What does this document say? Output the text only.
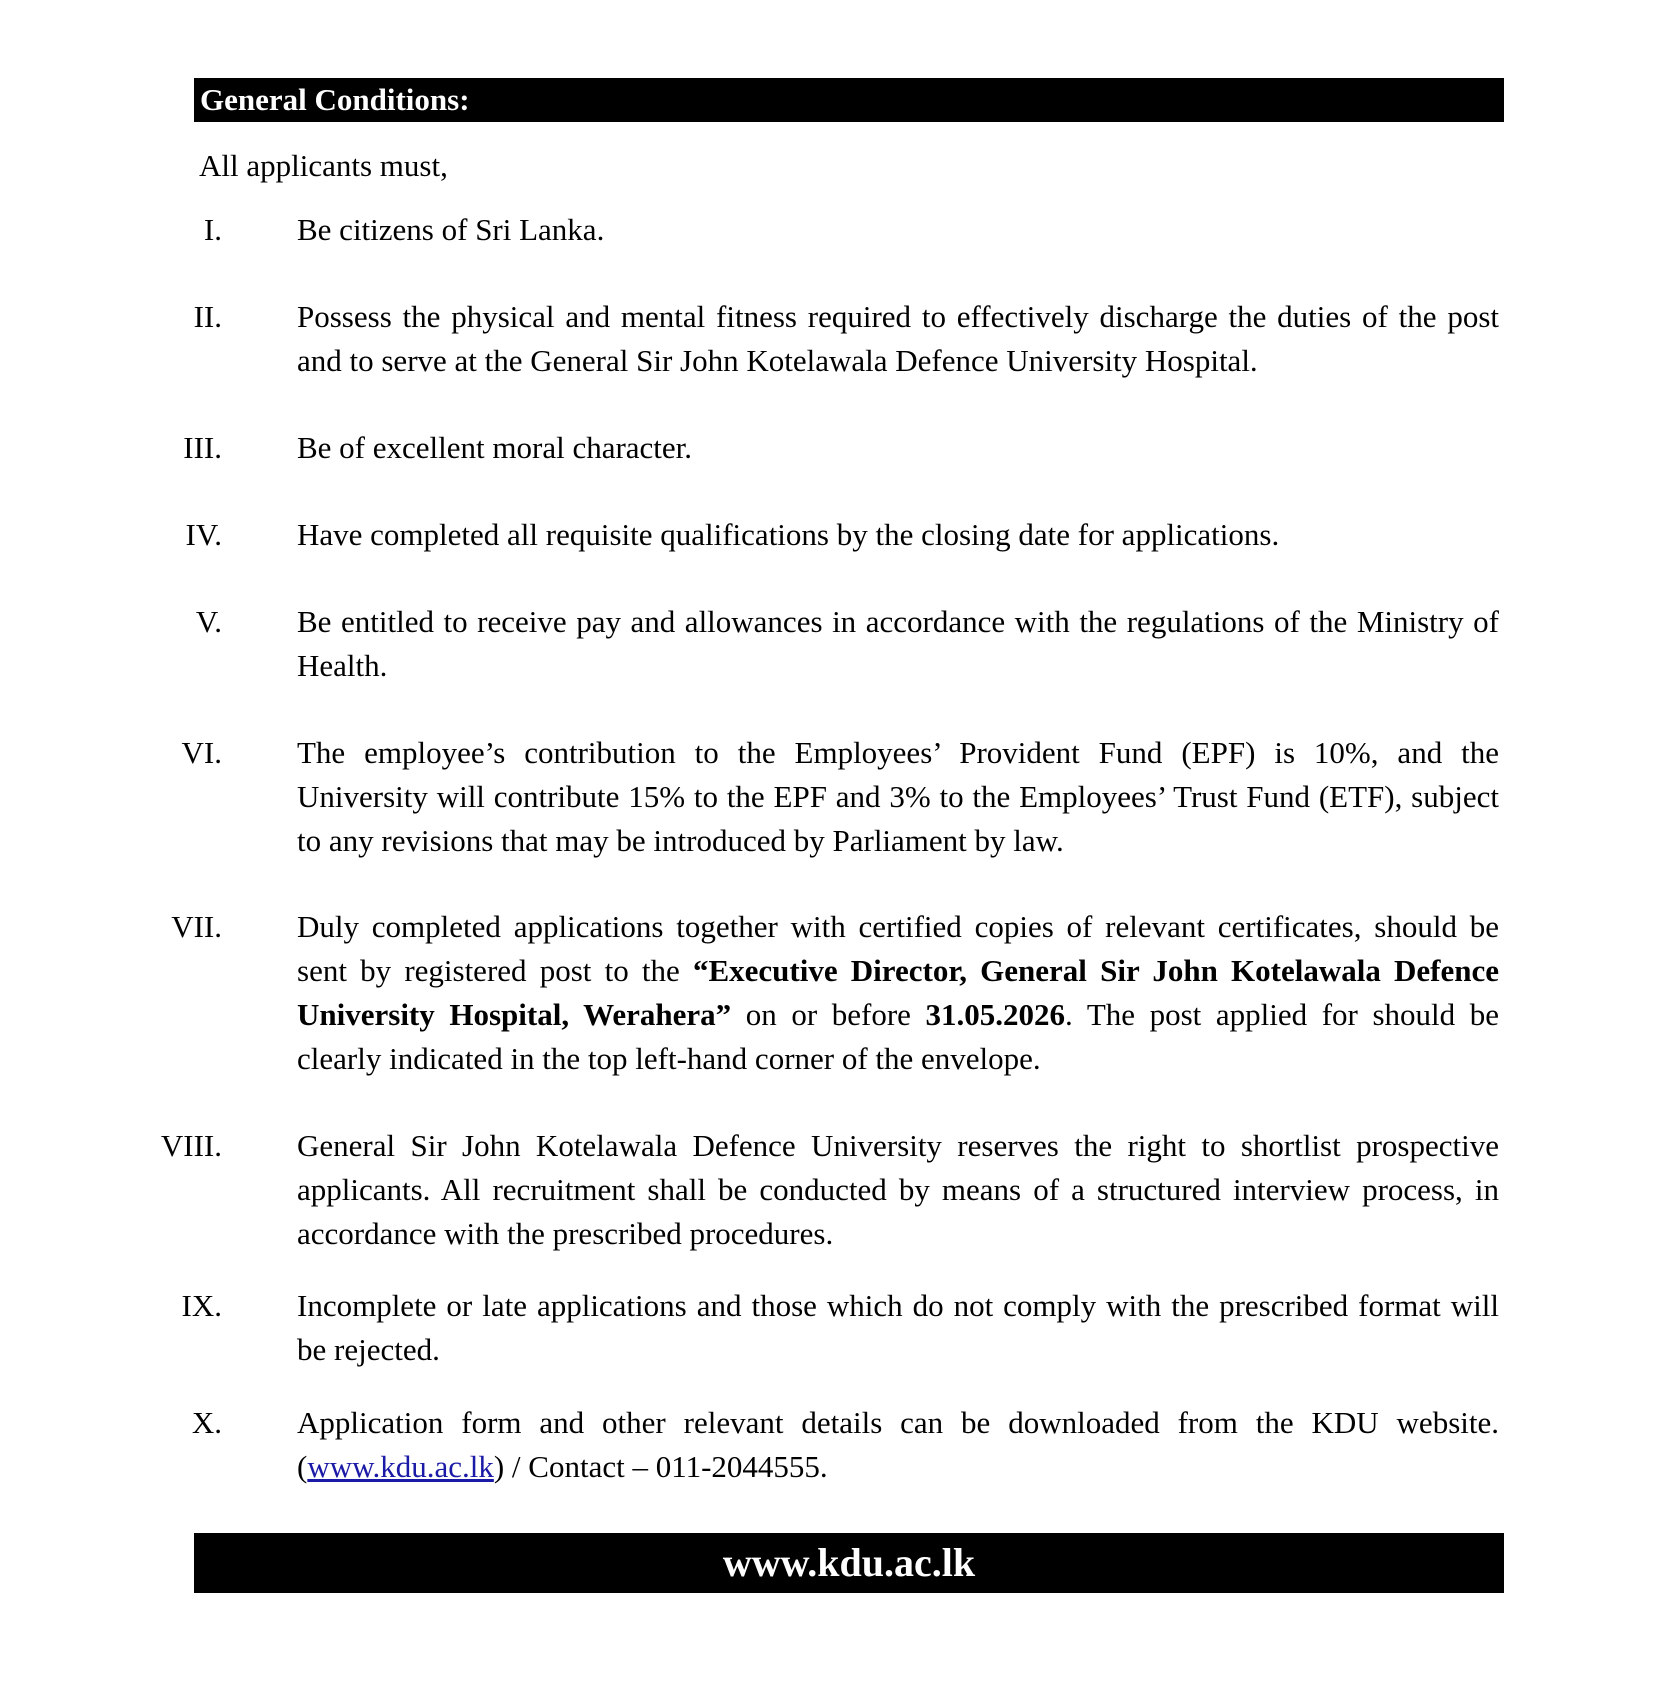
General Conditions:
All applicants must,
I. Be citizens of Sri Lanka.
II. Possess the physical and mental fitness required to effectively discharge the duties of the post and to serve at the General Sir John Kotelawala Defence University Hospital.
III. Be of excellent moral character.
IV. Have completed all requisite qualifications by the closing date for applications.
V. Be entitled to receive pay and allowances in accordance with the regulations of the Ministry of Health.
VI. The employee’s contribution to the Employees’ Provident Fund (EPF) is 10%, and the University will contribute 15% to the EPF and 3% to the Employees’ Trust Fund (ETF), subject to any revisions that may be introduced by Parliament by law.
VII. Duly completed applications together with certified copies of relevant certificates, should be sent by registered post to the “Executive Director, General Sir John Kotelawala Defence University Hospital, Werahera” on or before 31.05.2026. The post applied for should be clearly indicated in the top left-hand corner of the envelope.
VIII. General Sir John Kotelawala Defence University reserves the right to shortlist prospective applicants. All recruitment shall be conducted by means of a structured interview process, in accordance with the prescribed procedures.
IX. Incomplete or late applications and those which do not comply with the prescribed format will be rejected.
X. Application form and other relevant details can be downloaded from the KDU website. (www.kdu.ac.lk) / Contact – 011-2044555.
www.kdu.ac.lk
